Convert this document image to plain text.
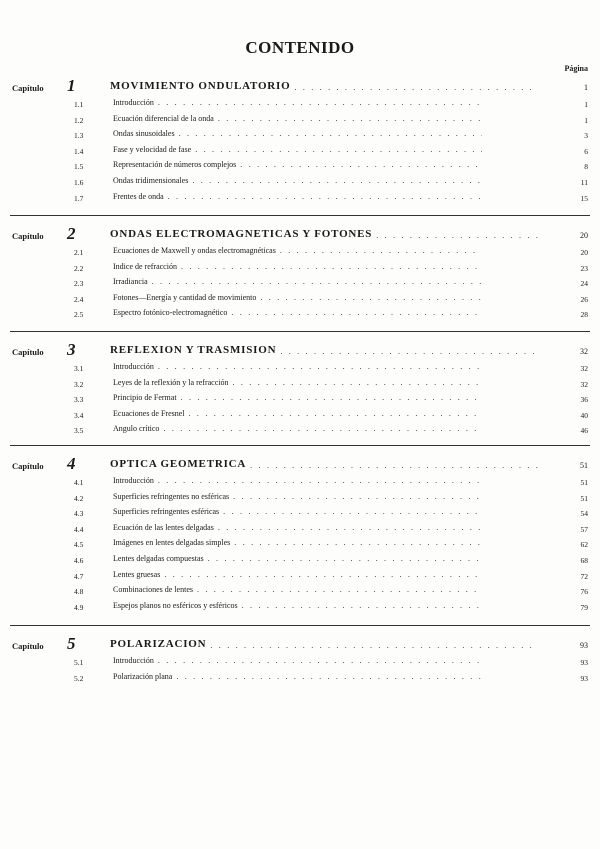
CONTENIDO
Página
Capítulo 1	MOVIMIENTO ONDULATORIO . . .	1
1.1	Introducción . . .	1
1.2	Ecuación diferencial de la onda . . .	1
1.3	Ondas sinusoidales . . .	3
1.4	Fase y velocidad de fase . . .	6
1.5	Representación de números complejos . . .	8
1.6	Ondas tridimensionales . . .	11
1.7	Frentes de onda . . .	15
Capítulo 2	ONDAS ELECTROMAGNETICAS Y FOTONES . . .	20
2.1	Ecuaciones de Maxwell y ondas electromagnéticas . . .	20
2.2	Indice de refracción . . .	23
2.3	Irradiancia . . .	24
2.4	Fotones—Energía y cantidad de movimiento . . .	26
2.5	Espectro fotónico-electromagnético . . .	28
Capítulo 3	REFLEXION Y TRASMISION . . .	32
3.1	Introducción . . .	32
3.2	Leyes de la reflexión y la refracción . . .	32
3.3	Principio de Fermat . . .	36
3.4	Ecuaciones de Fresnel . . .	40
3.5	Angulo crítico . . .	46
Capítulo 4	OPTICA GEOMETRICA . . .	51
4.1	Introducción . . .	51
4.2	Superficies refringentes no esféricas . . .	51
4.3	Superficies refringentes esféricas . . .	54
4.4	Ecuación de las lentes delgadas . . .	57
4.5	Imágenes en lentes delgadas simples . . .	62
4.6	Lentes delgadas compuestas . . .	68
4.7	Lentes gruesas . . .	72
4.8	Combinaciones de lentes . . .	76
4.9	Espejos planos no esféricos y esféricos . . .	79
Capítulo 5	POLARIZACION . . .	93
5.1	Introducción . . .	93
5.2	Polarización plana . . .	93
